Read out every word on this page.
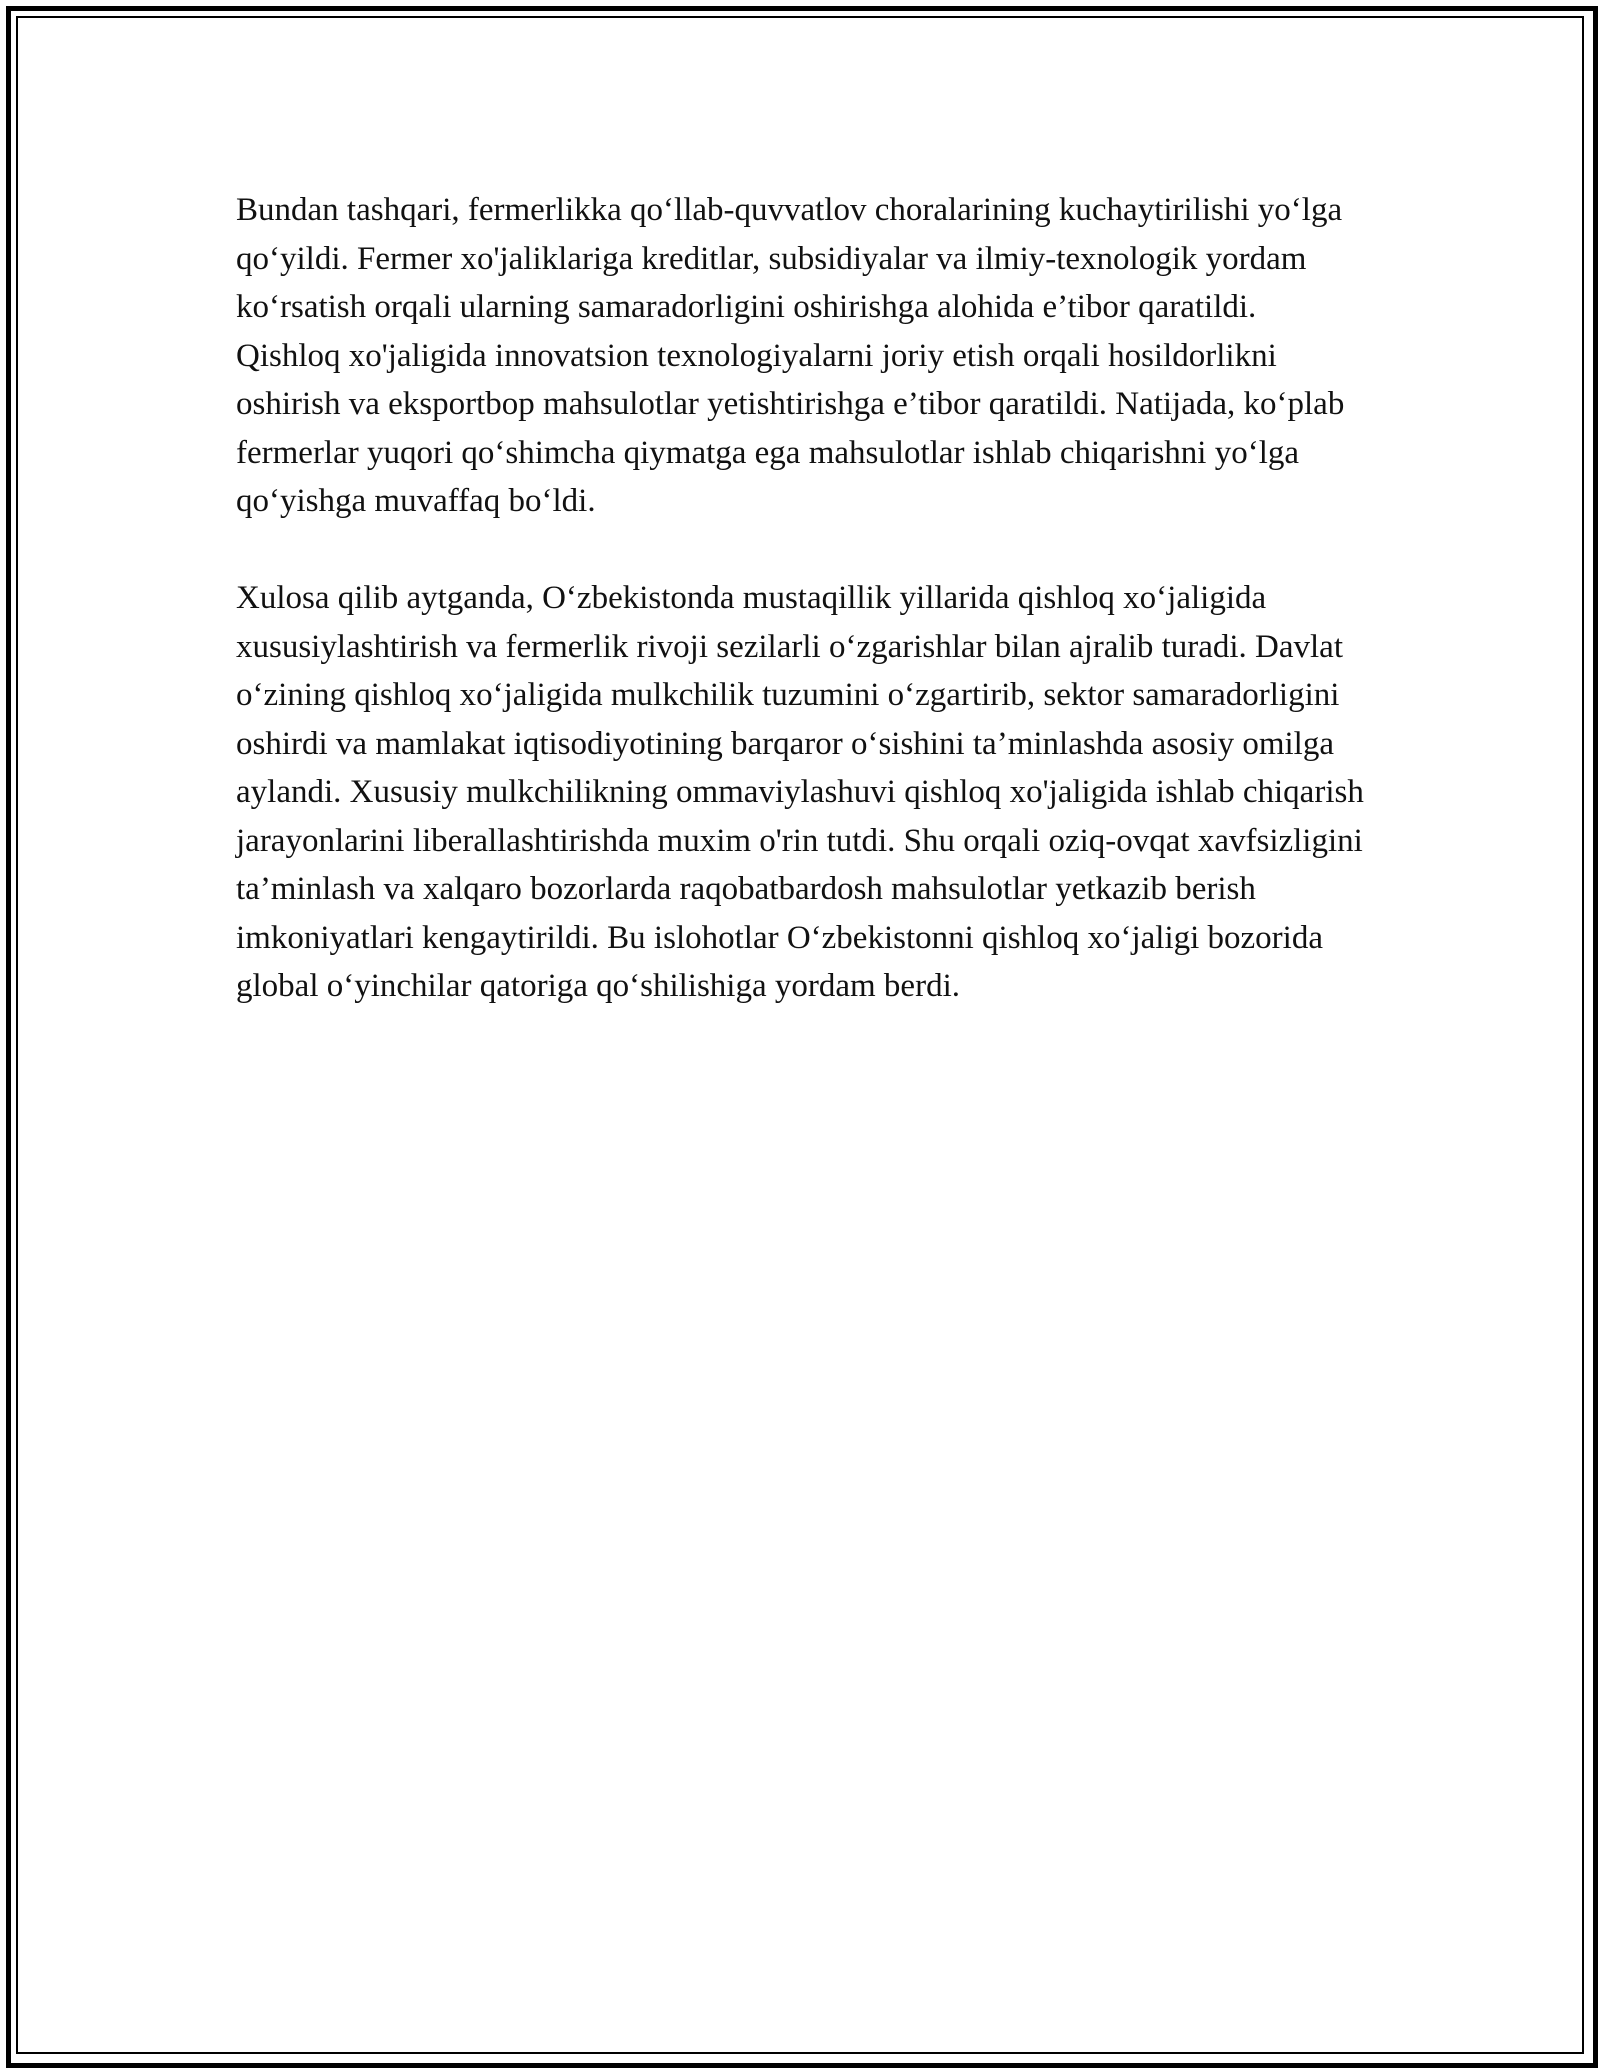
Bundan tashqari, fermerlikka qo‘llab-quvvatlov choralarining kuchaytirilishi yo‘lga qo‘yildi. Fermer xo'jaliklariga kreditlar, subsidiyalar va ilmiy-texnologik yordam ko‘rsatish orqali ularning samaradorligini oshirishga alohida e’tibor qaratildi. Qishloq xo'jaligida innovatsion texnologiyalarni joriy etish orqali hosildorlikni oshirish va eksportbop mahsulotlar yetishtirishga e’tibor qaratildi. Natijada, ko‘plab fermerlar yuqori qo‘shimcha qiymatga ega mahsulotlar ishlab chiqarishni yo‘lga qo‘yishga muvaffaq bo‘ldi.

Xulosa qilib aytganda, O‘zbekistonda mustaqillik yillarida qishloq xo‘jaligida xususiylashtirish va fermerlik rivoji sezilarli o‘zgarishlar bilan ajralib turadi. Davlat o‘zining qishloq xo‘jaligida mulkchilik tuzumini o‘zgartirib, sektor samaradorligini oshirdi va mamlakat iqtisodiyotining barqaror o‘sishini ta’minlashda asosiy omilga aylandi. Xususiy mulkchilikning ommaviylashuvi qishloq xo'jaligida ishlab chiqarish jarayonlarini liberallashtirishda muxim o'rin tutdi. Shu orqali oziq-ovqat xavfsizligini ta’minlash va xalqaro bozorlarda raqobatbardosh mahsulotlar yetkazib berish imkoniyatlari kengaytirildi. Bu islohotlar O‘zbekistonni qishloq xo‘jaligi bozorida global o‘yinchilar qatoriga qo‘shilishiga yordam berdi.
